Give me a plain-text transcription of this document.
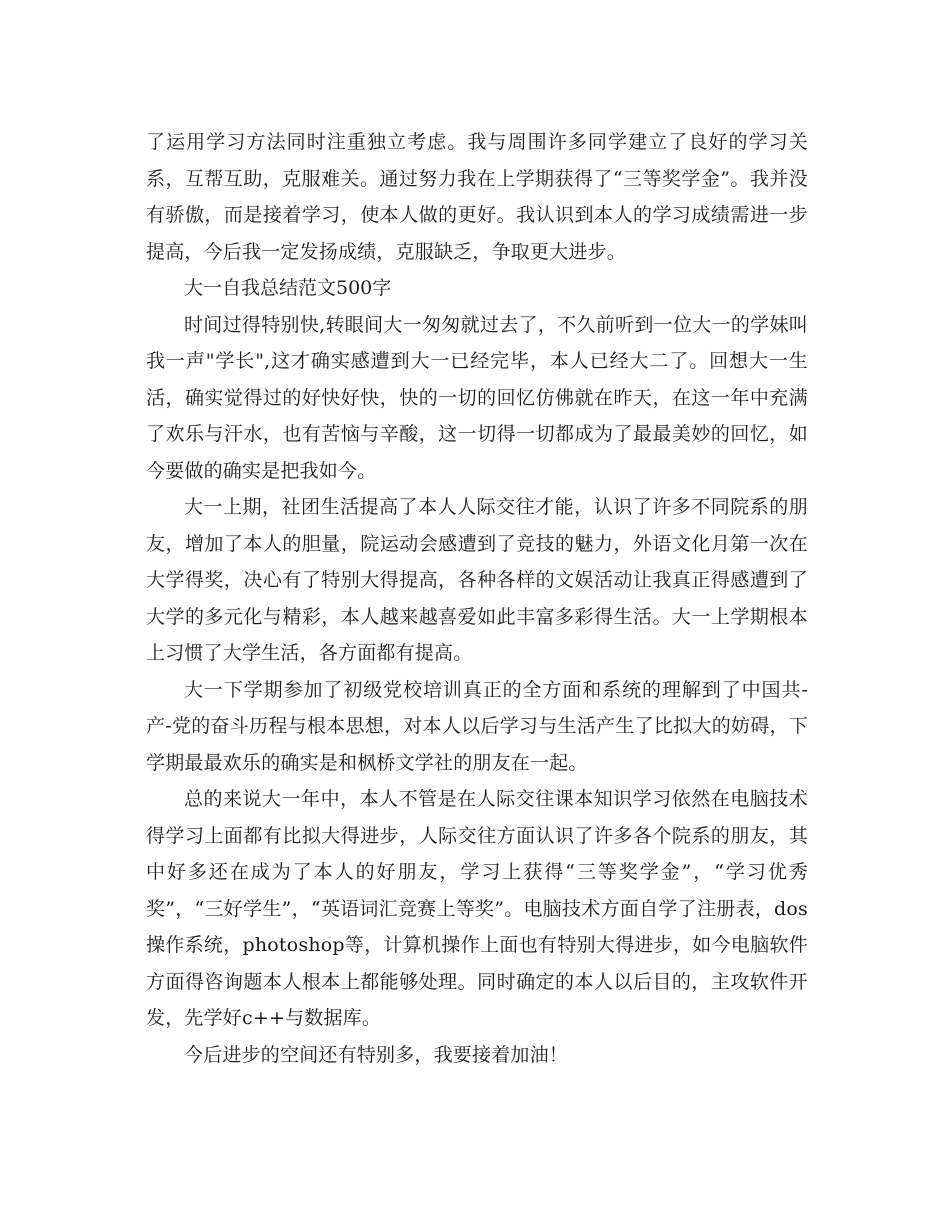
了运用学习方法同时注重独立考虑。我与周围许多同学建立了良好的学习关系，互帮互助，克服难关。通过努力我在上学期获得了“三等奖学金”。我并没有骄傲，而是接着学习，使本人做的更好。我认识到本人的学习成绩需进一步提高，今后我一定发扬成绩，克服缺乏，争取更大进步。

大一自我总结范文500字

时间过得特别快,转眼间大一匆匆就过去了，不久前听到一位大一的学妹叫我一声"学长",这才确实感遭到大一已经完毕，本人已经大二了。回想大一生活，确实觉得过的好快好快，快的一切的回忆仿佛就在昨天，在这一年中充满了欢乐与汗水，也有苦恼与辛酸，这一切得一切都成为了最最美妙的回忆，如今要做的确实是把我如今。

大一上期，社团生活提高了本人人际交往才能，认识了许多不同院系的朋友，增加了本人的胆量，院运动会感遭到了竞技的魅力，外语文化月第一次在大学得奖，决心有了特别大得提高，各种各样的文娱活动让我真正得感遭到了大学的多元化与精彩，本人越来越喜爱如此丰富多彩得生活。大一上学期根本上习惯了大学生活，各方面都有提高。

大一下学期参加了初级党校培训真正的全方面和系统的理解到了中国共-产-党的奋斗历程与根本思想，对本人以后学习与生活产生了比拟大的妨碍，下学期最最欢乐的确实是和枫桥文学社的朋友在一起。

总的来说大一年中，本人不管是在人际交往课本知识学习依然在电脑技术得学习上面都有比拟大得进步，人际交往方面认识了许多各个院系的朋友，其中好多还在成为了本人的好朋友，学习上获得“三等奖学金”，“学习优秀奖”，“三好学生”，“英语词汇竞赛上等奖”。电脑技术方面自学了注册表，dos操作系统，photoshop等，计算机操作上面也有特别大得进步，如今电脑软件方面得咨询题本人根本上都能够处理。同时确定的本人以后目的，主攻软件开发，先学好c++与数据库。

今后进步的空间还有特别多，我要接着加油！
